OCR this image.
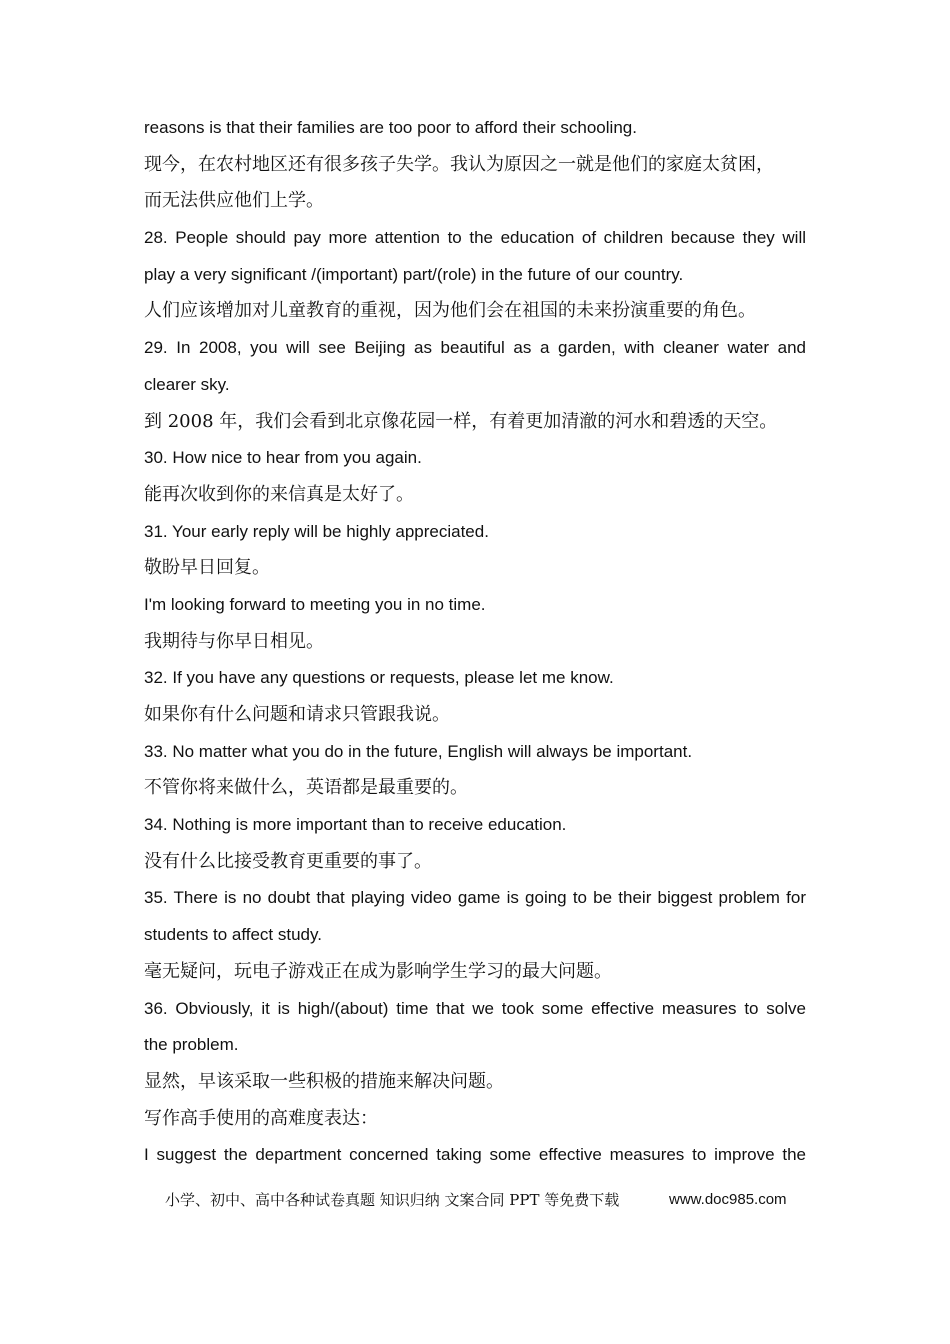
reasons is that their families are too poor to afford their schooling.
现今，在农村地区还有很多孩子失学。我认为原因之一就是他们的家庭太贫困，
而无法供应他们上学。
28. People should pay more attention to the education of children because they will
play a very significant /(important) part/(role) in the future of our country.
人们应该增加对儿童教育的重视，因为他们会在祖国的未来扮演重要的角色。
29. In 2008, you will see Beijing as beautiful as a garden, with cleaner water and
clearer sky.
到 2008 年，我们会看到北京像花园一样，有着更加清澈的河水和碧透的天空。
30. How nice to hear from you again.
能再次收到你的来信真是太好了。
31. Your early reply will be highly appreciated.
敬盼早日回复。
I'm looking forward to meeting you in no time.
我期待与你早日相见。
32. If you have any questions or requests, please let me know.
如果你有什么问题和请求只管跟我说。
33. No matter what you do in the future, English will always be important.
不管你将来做什么，英语都是最重要的。
34. Nothing is more important than to receive education.
没有什么比接受教育更重要的事了。
35. There is no doubt that playing video game is going to be their biggest problem for
students to affect study.
毫无疑问，玩电子游戏正在成为影响学生学习的最大问题。
36. Obviously, it is high/(about) time that we took some effective measures to solve
the problem.
显然，早该采取一些积极的措施来解决问题。
写作高手使用的高难度表达：
I suggest the department concerned taking some effective measures to improve the
小学、初中、高中各种试卷真题 知识归纳 文案合同 PPT 等免费下载	www.doc985.com
